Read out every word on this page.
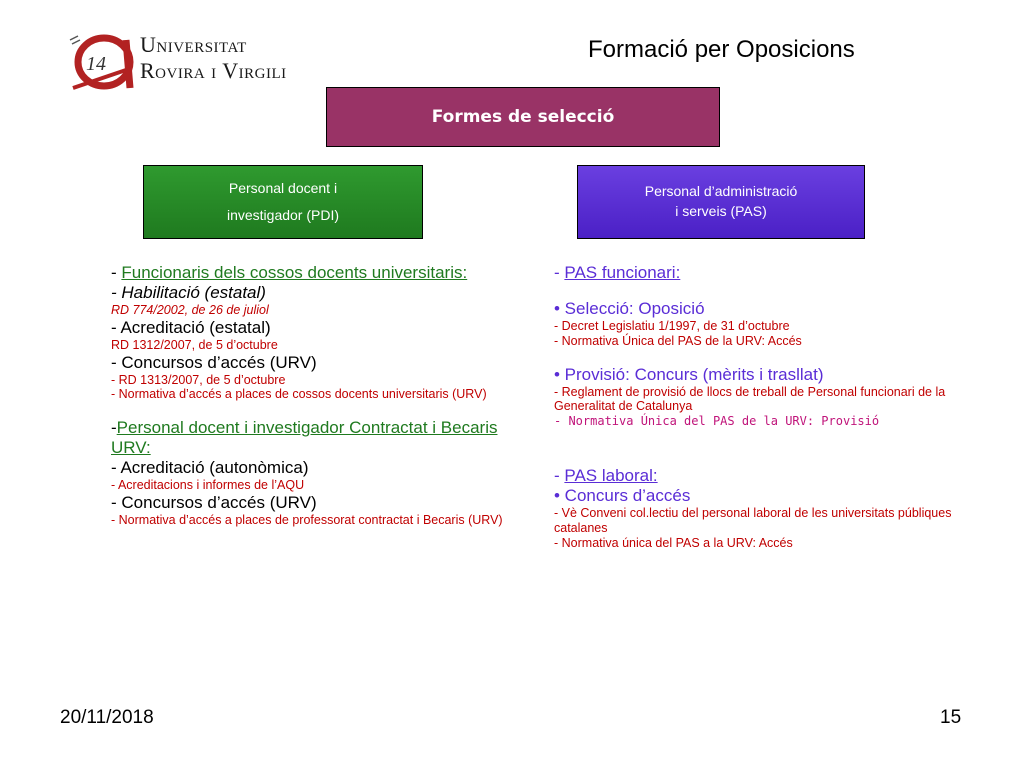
14
Universitat
Rovira i Virgili
Formació per Oposicions
Formes de selecció
Personal docent i
investigador (PDI)
Personal d’administració
i serveis (PAS)
- Funcionaris dels cossos docents universitaris:
- Habilitació (estatal)
RD 774/2002, de 26 de juliol
- Acreditació (estatal)
RD 1312/2007, de 5 d’octubre
- Concursos d’accés (URV)
- RD 1313/2007, de 5 d’octubre
- Normativa d’accés a places de cossos docents universitaris (URV)
-Personal docent i investigador Contractat i Becaris URV:
- Acreditació (autonòmica)
- Acreditacions i informes de l’AQU
- Concursos d’accés (URV)
- Normativa d’accés a places de professorat contractat i Becaris (URV)
- PAS funcionari:
• Selecció: Oposició
- Decret Legislatiu 1/1997, de 31 d’octubre
- Normativa Única del PAS de la URV: Accés
• Provisió: Concurs (mèrits i trasllat)
- Reglament de provisió de llocs de treball de Personal funcionari de la Generalitat de Catalunya
- Normativa Única del PAS de la URV: Provisió
- PAS laboral:
• Concurs d’accés
- Vè Conveni col.lectiu del personal laboral de les universitats públiques catalanes
- Normativa única del PAS a la URV: Accés
20/11/2018	15
